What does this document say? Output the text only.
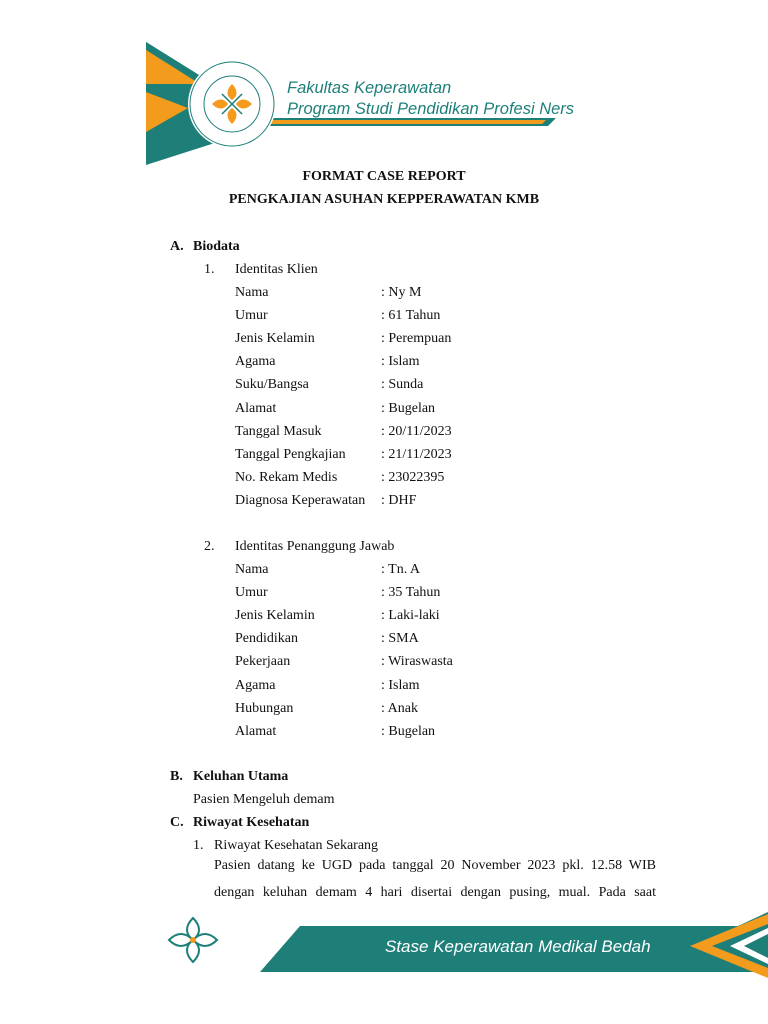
Fakultas Keperawatan
Program Studi Pendidikan Profesi Ners
FORMAT CASE REPORT
PENGKAJIAN ASUHAN KEPPERAWATAN KMB
A. Biodata
1. Identitas Klien
Nama	: Ny M
Umur	: 61 Tahun
Jenis Kelamin	: Perempuan
Agama	: Islam
Suku/Bangsa	: Sunda
Alamat	: Bugelan
Tanggal Masuk	: 20/11/2023
Tanggal Pengkajian	: 21/11/2023
No. Rekam Medis	: 23022395
Diagnosa Keperawatan : DHF
2. Identitas Penanggung Jawab
Nama	: Tn. A
Umur	: 35 Tahun
Jenis Kelamin	: Laki-laki
Pendidikan	: SMA
Pekerjaan	: Wiraswasta
Agama	: Islam
Hubungan	: Anak
Alamat	: Bugelan
B. Keluhan Utama
Pasien Mengeluh demam
C. Riwayat Kesehatan
1. Riwayat Kesehatan Sekarang
Pasien datang ke UGD pada tanggal 20 November 2023 pkl. 12.58 WIB
dengan keluhan demam 4 hari disertai dengan pusing, mual. Pada saat
Stase Keperawatan Medikal Bedah
